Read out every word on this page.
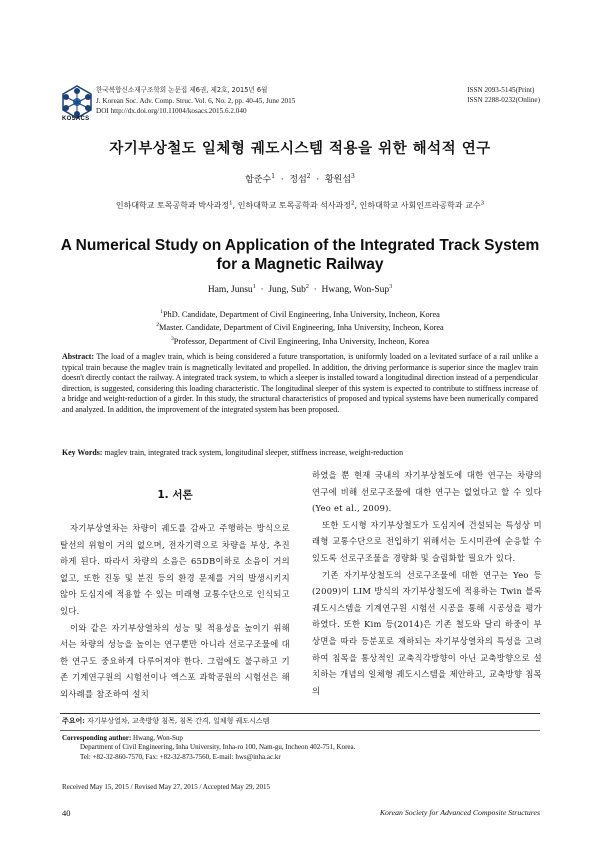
KOSACS
한국복합신소재구조학회 논문집 제6권, 제2호, 2015년 6월
J. Korean Soc. Adv. Comp. Struc. Vol. 6, No. 2, pp. 40-45, June 2015
DOI http://dx.doi.org/10.11004/kosacs.2015.6.2.040
ISSN 2093-5145(Print)
ISSN 2288-0232(Online)
자기부상철도 일체형 궤도시스템 적용을 위한 해석적 연구
함준수$^1$ · 정섭$^2$ · 황원섭$^3$
인하대학교 토목공학과 박사과정$^1$, 인하대학교 토목공학과 석사과정$^2$, 인하대학교 사회인프라공학과 교수$^3$
A Numerical Study on Application of the Integrated Track System
for a Magnetic Railway
Ham, Junsu$^1$ · Jung, Sub$^2$ · Hwang, Won-Sup$^3$
$^1$PhD. Candidate, Department of Civil Engineering, Inha University, Incheon, Korea
$^2$Master. Candidate, Department of Civil Engineering, Inha University, Incheon, Korea
$^3$Professor, Department of Civil Engineering, Inha University, Incheon, Korea
Abstract: The load of a maglev train, which is being considered a future transportation, is uniformly loaded on a levitated surface of a rail unlike a typical train because the maglev train is magnetically levitated and propelled. In addition, the driving performance is superior since the maglev train doesn't directly contact the railway. A integrated track system, to which a sleeper is installed toward a longitudinal direction instead of a perpendicular direction, is suggested, considering this loading characteristic. The longitudinal sleeper of this system is expected to contribute to stiffness increase of a bridge and weight-reduction of a girder. In this study, the structural characteristics of proposed and typical systems have been numerically compared and analyzed. In addition, the improvement of the integrated system has been proposed.
Key Words: maglev train, integrated track system, longitudinal sleeper, stiffness increase, weight-reduction
1. 서론

자기부상열차는 차량이 궤도를 감싸고 주행하는 방식으로 탈선의 위험이 거의 없으며, 전자기력으로 차량을 부상, 추진하게 된다. 따라서 차량의 소음은 65DB이하로 소음이 거의 없고, 또한 진동 및 분진 등의 환경 문제를 거의 발생시키지 않아 도심지에 적용할 수 있는 미래형 교통수단으로 인식되고 있다.

이와 같은 자기부상열차의 성능 및 적용성을 높이기 위해서는 차량의 성능을 높이는 연구뿐만 아니라 선로구조물에 대한 연구도 중요하게 다루어져야 한다. 그럼에도 불구하고 기존 기계연구원의 시험선이나 엑스포 과학공원의 시험선은 해외사례를 참조하여 설치

하였을 뿐 현재 국내의 자기부상철도에 대한 연구는 차량의 연구에 비해 선로구조물에 대한 연구는 없었다고 할 수 있다(Yeo et al., 2009).

또한 도시형 자기부상철도가 도심지에 건설되는 특성상 미래형 교통수단으로 전입하기 위해서는 도시미관에 순응할 수 있도록 선로구조물을 경량화 및 슬림화할 필요가 있다.

기존 자기부상철도의 선로구조물에 대한 연구는 Yeo 등(2009)이 LIM 방식의 자기부상철도에 적용하는 Twin 블록 궤도시스템을 기계연구원 시험선 시공을 통해 시공성을 평가하였다. 또한 Kim 등(2014)은 기존 철도와 달리 하중이 부상면을 따라 등분포로 재하되는 자기부상열차의 특성을 고려하여 침목을 통상적인 교축직각방향이 아닌 교축방향으로 설치하는 개념의 일체형 궤도시스템을 제안하고, 교축방향 침목의

주요어: 자기부상열차, 교축방향 침목, 침목 간격, 일체형 궤도시스템
Corresponding author: Hwang, Won-Sup
Department of Civil Engineering, Inha University, Inha-ro 100, Nam-gu, Incheon 402-751, Korea.
Tel: +82-32-860-7570, Fax: +82-32-873-7560, E-mail: hws@inha.ac.kr
Received May 15, 2015 / Revised May 27, 2015 / Accepted May 29, 2015
40	Korean Society for Advanced Composite Structures
